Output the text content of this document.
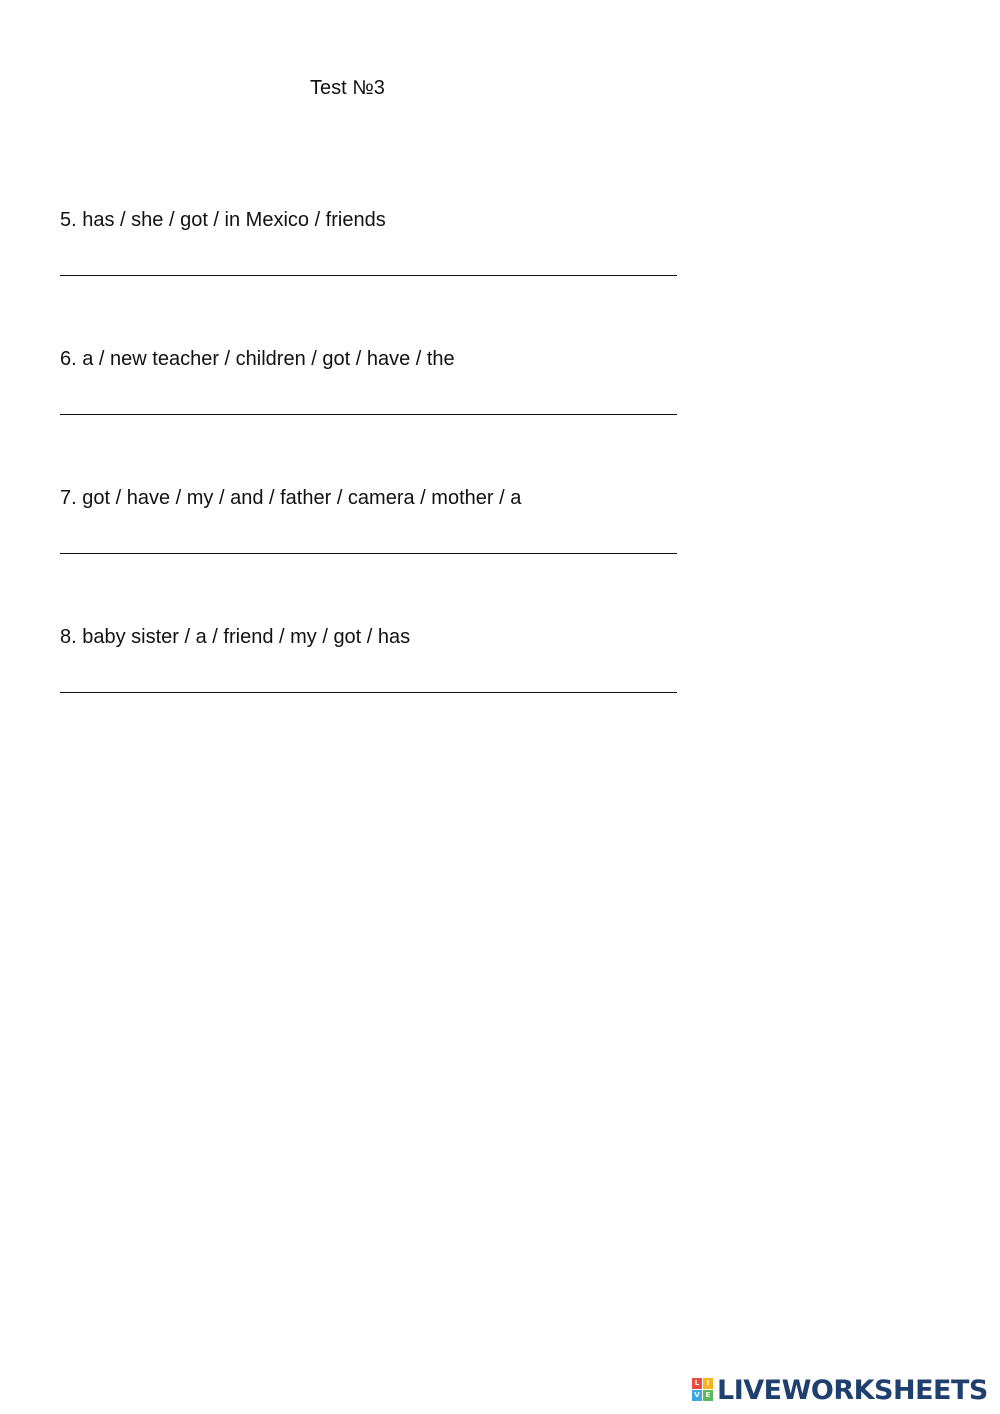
Test №3
5. has / she / got / in Mexico / friends
6. a / new teacher / children / got / have / the
7. got / have / my / and / father / camera / mother / a
8. baby sister / a / friend / my / got / has
L	I
V E LIVEWORKSHEETS
